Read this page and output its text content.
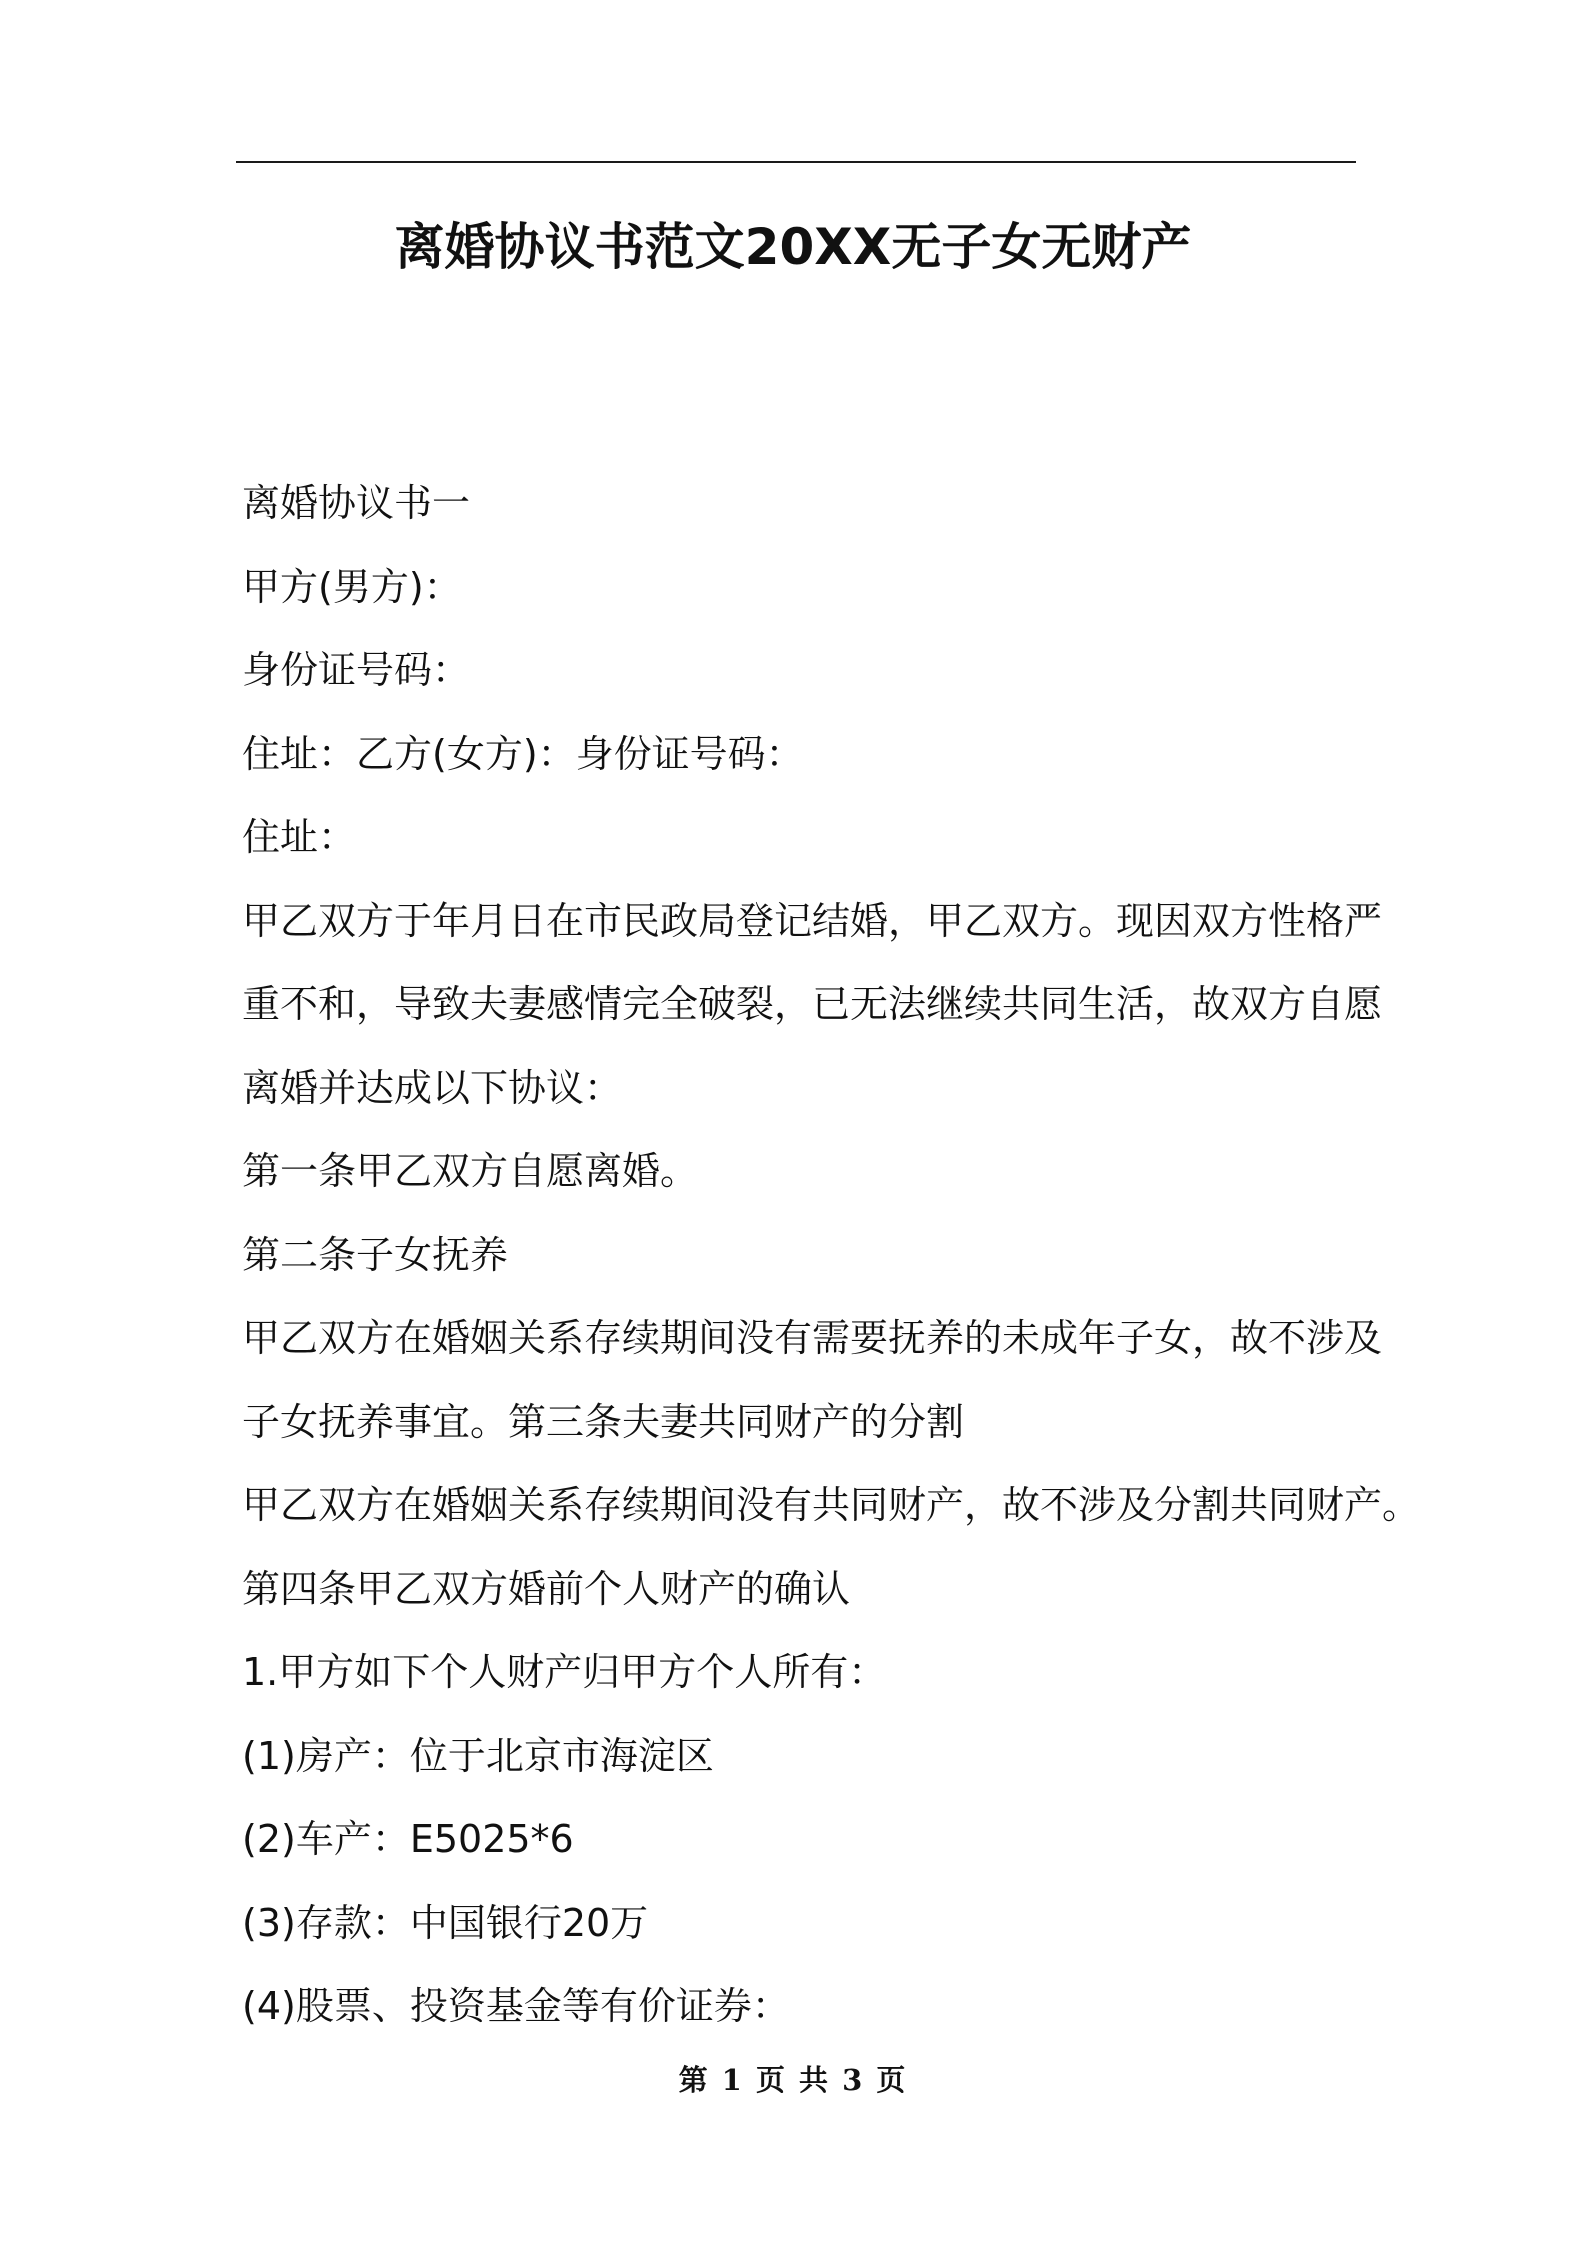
离婚协议书范文20XX无子女无财产
离婚协议书一
甲方(男方)：
身份证号码：
住址：乙方(女方)：身份证号码：
住址：
甲乙双方于年月日在市民政局登记结婚，甲乙双方。现因双方性格严
重不和，导致夫妻感情完全破裂，已无法继续共同生活，故双方自愿
离婚并达成以下协议：
第一条甲乙双方自愿离婚。
第二条子女抚养
甲乙双方在婚姻关系存续期间没有需要抚养的未成年子女，故不涉及
子女抚养事宜。第三条夫妻共同财产的分割
甲乙双方在婚姻关系存续期间没有共同财产，故不涉及分割共同财产。
第四条甲乙双方婚前个人财产的确认
1.甲方如下个人财产归甲方个人所有：
(1)房产：位于北京市海淀区
(2)车产：E5025*6
(3)存款：中国银行20万
(4)股票、投资基金等有价证券：
第 1 页 共 3 页
